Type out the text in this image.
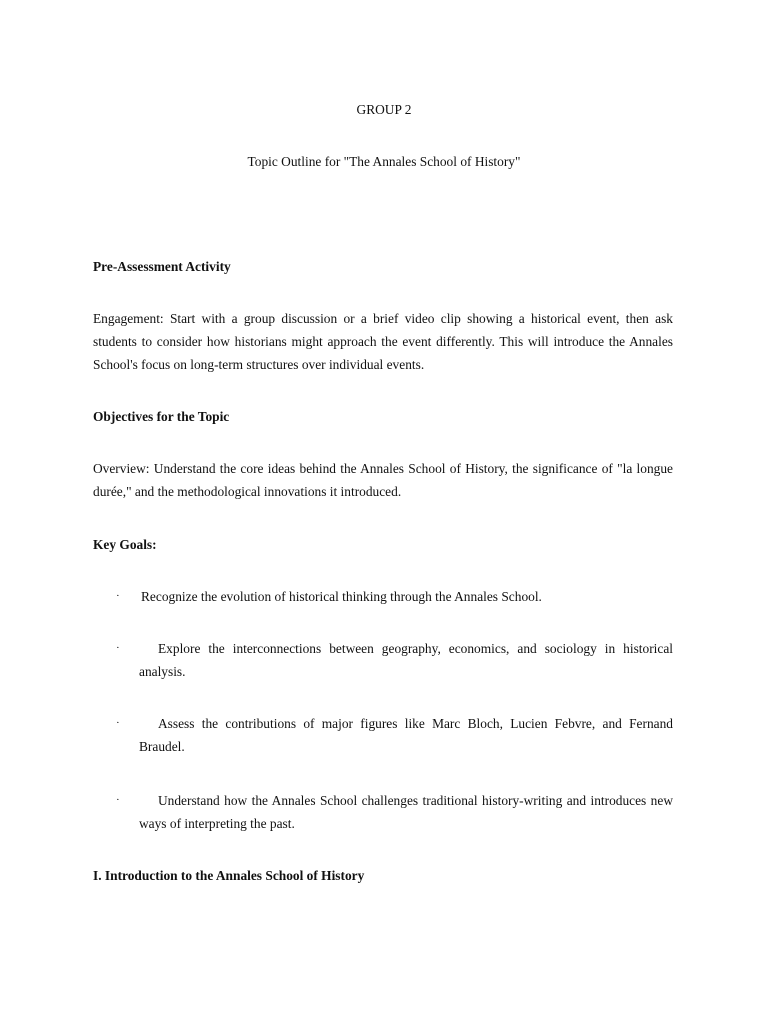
GROUP 2

Topic Outline for "The Annales School of History"

Pre-Assessment Activity

Engagement: Start with a group discussion or a brief video clip showing a historical event, then ask students to consider how historians might approach the event differently. This will introduce the Annales School's focus on long-term structures over individual events.

Objectives for the Topic

Overview: Understand the core ideas behind the Annales School of History, the significance of "la longue durée," and the methodological innovations it introduced.

Key Goals:

· Recognize the evolution of historical thinking through the Annales School.

·	Explore the interconnections between geography, economics, and sociology in historical analysis.

·	Assess the contributions of major figures like Marc Bloch, Lucien Febvre, and Fernand Braudel.

·	Understand how the Annales School challenges traditional history-writing and introduces new ways of interpreting the past.

I. Introduction to the Annales School of History
